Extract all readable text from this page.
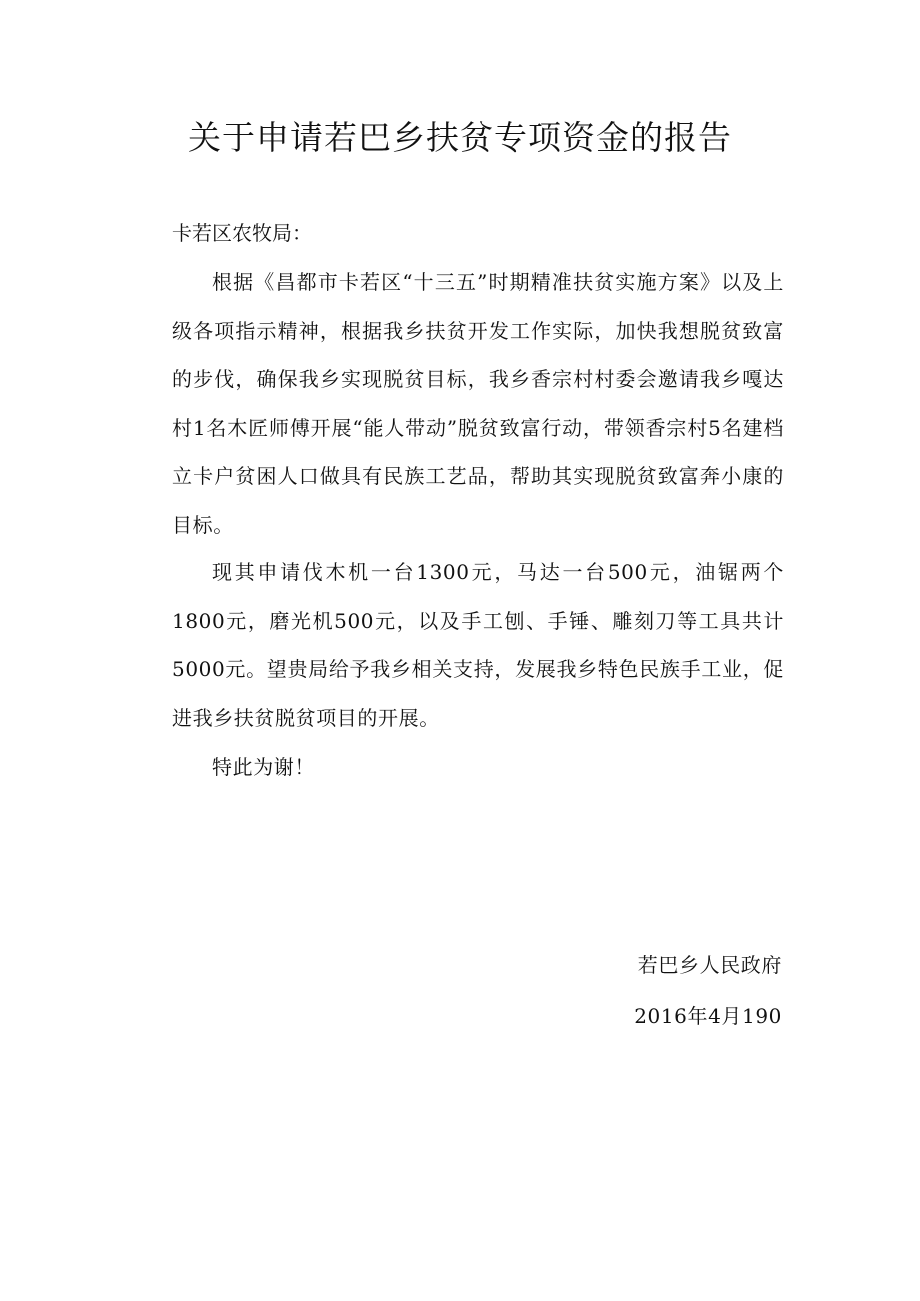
关于申请若巴乡扶贫专项资金的报告

卡若区农牧局：

根据《昌都市卡若区“十三五”时期精准扶贫实施方案》以及上级各项指示精神，根据我乡扶贫开发工作实际，加快我想脱贫致富的步伐，确保我乡实现脱贫目标，我乡香宗村村委会邀请我乡嘎达村1名木匠师傅开展“能人带动”脱贫致富行动，带领香宗村5名建档立卡户贫困人口做具有民族工艺品，帮助其实现脱贫致富奔小康的目标。

现其申请伐木机一台1300元，马达一台500元，油锯两个1800元，磨光机500元，以及手工刨、手锤、雕刻刀等工具共计5000元。望贵局给予我乡相关支持，发展我乡特色民族手工业，促进我乡扶贫脱贫项目的开展。

特此为谢！

若巴乡人民政府

2016年4月190
